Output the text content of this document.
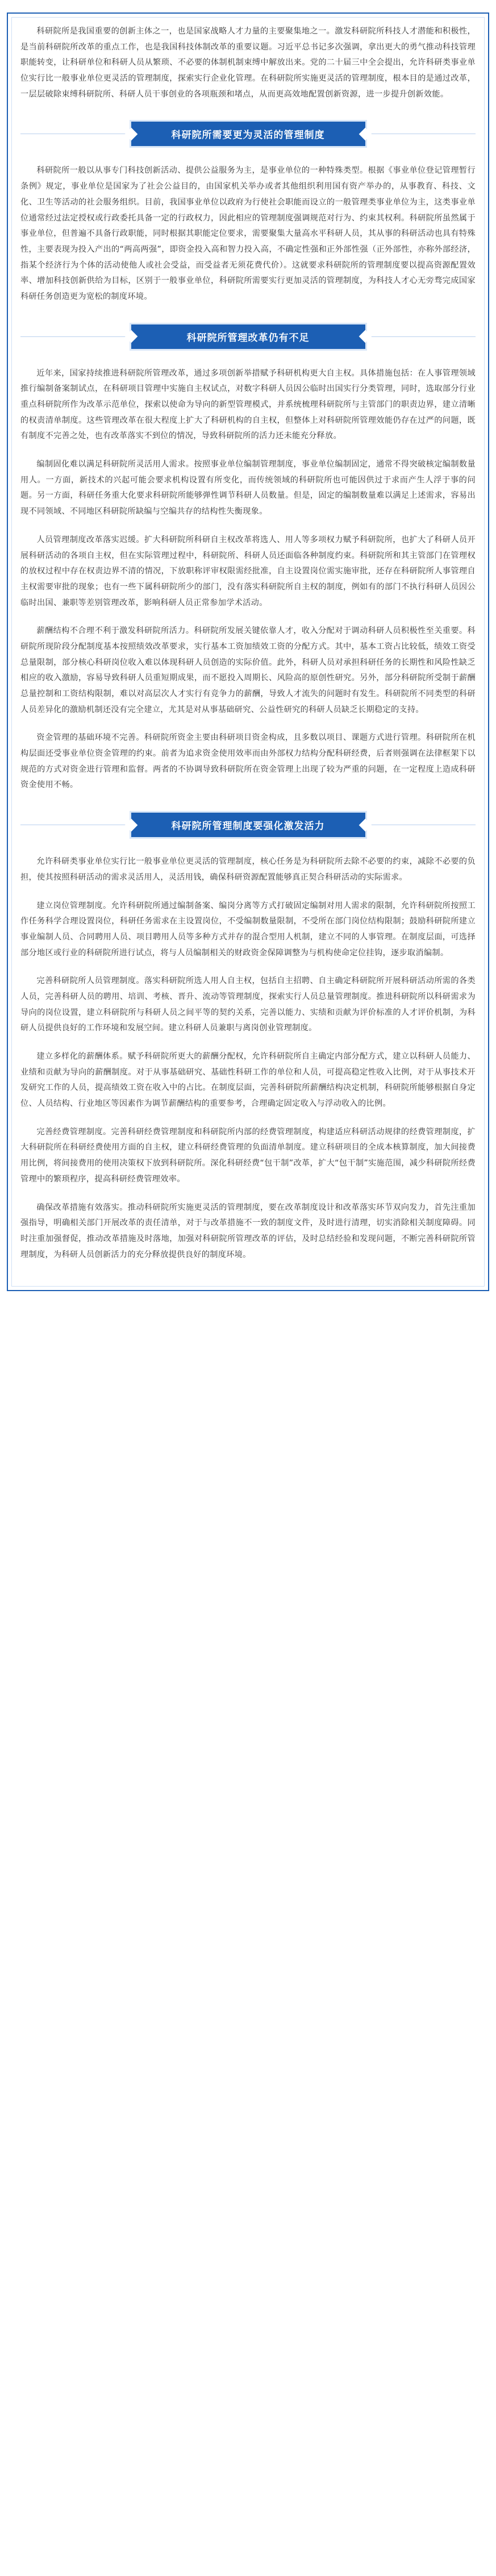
科研院所是我国重要的创新主体之一，也是国家战略人才力量的主要聚集地之一。激发科研院所科技人才潜能和积极性，是当前科研院所改革的重点工作，也是我国科技体制改革的重要议题。习近平总书记多次强调，拿出更大的勇气推动科技管理职能转变，让科研单位和科研人员从繁琐、不必要的体制机制束缚中解放出来。党的二十届三中全会提出，允许科研类事业单位实行比一般事业单位更灵活的管理制度，探索实行企业化管理。在科研院所实施更灵活的管理制度，根本目的是通过改革，一层层破除束缚科研院所、科研人员干事创业的各项瓶颈和堵点，从而更高效地配置创新资源，进一步提升创新效能。

科研院所需要更为灵活的管理制度

科研院所一般以从事专门科技创新活动、提供公益服务为主，是事业单位的一种特殊类型。根据《事业单位登记管理暂行条例》规定，事业单位是国家为了社会公益目的，由国家机关举办或者其他组织利用国有资产举办的，从事教育、科技、文化、卫生等活动的社会服务组织。目前，我国事业单位以政府为行使社会职能而设立的一般管理类事业单位为主，这类事业单位通常经过法定授权或行政委托具备一定的行政权力，因此相应的管理制度强调规范对行为、约束其权利。科研院所虽然属于事业单位，但普遍不具备行政职能，同时根据其职能定位要求，需要聚集大量高水平科研人员，其从事的科研活动也具有特殊性，主要表现为投入产出的“两高两强”，即资金投入高和智力投入高，不确定性强和正外部性强（正外部性，亦称外部经济，指某个经济行为个体的活动使他人或社会受益，而受益者无须花费代价）。这就要求科研院所的管理制度要以提高资源配置效率、增加科技创新供给为目标，区别于一般事业单位，科研院所需要实行更加灵活的管理制度，为科技人才心无旁骛完成国家科研任务创造更为宽松的制度环境。

科研院所管理改革仍有不足

近年来，国家持续推进科研院所管理改革，通过多项创新举措赋予科研机构更大自主权。具体措施包括：在人事管理领域推行编制备案制试点，在科研项目管理中实施自主权试点，对数字科研人员因公临时出国实行分类管理，同时，选取部分行业重点科研院所作为改革示范单位，探索以使命为导向的新型管理模式，并系统梳理科研院所与主管部门的职责边界，建立清晰的权责清单制度。这些管理改革在很大程度上扩大了科研机构的自主权，但整体上对科研院所管理效能仍存在过严的问题，既有制度不完善之处，也有改革落实不到位的情况，导致科研院所的活力还未能充分释放。

编制固化难以满足科研院所灵活用人需求。按照事业单位编制管理制度，事业单位编制固定，通常不得突破核定编制数量用人。一方面，新技术的兴起可能会要求机构设置有所变化，而传统领域的科研院所也可能因供过于求而产生人浮于事的问题。另一方面，科研任务重大化要求科研院所能够弹性调节科研人员数量。但是，固定的编制数量难以满足上述需求，容易出现不同领域、不同地区科研院所缺编与空编共存的结构性失衡现象。

人员管理制度改革落实迟缓。扩大科研院所科研自主权改革将选人、用人等多项权力赋予科研院所，也扩大了科研人员开展科研活动的各项自主权，但在实际管理过程中，科研院所、科研人员还面临各种制度约束。科研院所和其主管部门在管理权的放权过程中存在权责边界不清的情况，下放职称评审权限需经批准，自主设置岗位需实施审批，还存在科研院所人事管理自主权需要审批的现象；也有一些下属科研院所少的部门，没有落实科研院所自主权的制度，例如有的部门不执行科研人员因公临时出国、兼职等差别管理改革，影响科研人员正常参加学术活动。

薪酬结构不合理不利于激发科研院所活力。科研院所发展关键依靠人才，收入分配对于调动科研人员积极性至关重要。科研院所现阶段分配制度基本按照绩效改革要求，实行基本工资加绩效工资的分配方式。其中，基本工资占比较低，绩效工资受总量限制，部分核心科研岗位收入难以体现科研人员创造的实际价值。此外，科研人员对承担科研任务的长期性和风险性缺乏相应的收入激励，容易导致科研人员重短期成果，而不愿投入周期长、风险高的原创性研究。另外，部分科研院所受制于薪酬总量控制和工资结构限制，难以对高层次人才实行有竞争力的薪酬，导致人才流失的问题时有发生。科研院所不同类型的科研人员差异化的激励机制还没有完全建立，尤其是对从事基础研究、公益性研究的科研人员缺乏长期稳定的支持。

资金管理的基础环境不完善。科研院所资金主要由科研项目资金构成，且多数以项目、课题方式进行管理。科研院所在机构层面还受事业单位资金管理的约束。前者为追求资金使用效率而由外部权力结构分配科研经费，后者则强调在法律框架下以规范的方式对资金进行管理和监督。两者的不协调导致科研院所在资金管理上出现了较为严重的问题，在一定程度上造成科研资金使用不畅。

科研院所管理制度要强化激发活力

允许科研类事业单位实行比一般事业单位更灵活的管理制度，核心任务是为科研院所去除不必要的约束，减除不必要的负担，使其按照科研活动的需求灵活用人，灵活用钱，确保科研资源配置能够真正契合科研活动的实际需求。

建立岗位管理制度。允许科研院所通过编制备案、编岗分离等方式打破固定编制对用人需求的限制，允许科研院所按照工作任务科学合理设置岗位，科研任务需求在主设置岗位，不受编制数量限制，不受所在部门岗位结构限制；鼓励科研院所建立事业编制人员、合同聘用人员、项目聘用人员等多种方式并存的混合型用人机制，建立不同的人事管理。在制度层面，可选择部分地区或行业的科研院所进行试点，将与人员编制相关的财政资金保障调整为与机构使命定位挂钩，逐步取消编制。

完善科研院所人员管理制度。落实科研院所选人用人自主权，包括自主招聘、自主确定科研院所开展科研活动所需的各类人员，完善科研人员的聘用、培训、考核、晋升、流动等管理制度，探索实行人员总量管理制度。推进科研院所以科研需求为导向的岗位设置，建立科研院所与科研人员之间平等的契约关系，完善以能力、实绩和贡献为评价标准的人才评价机制，为科研人员提供良好的工作环境和发展空间。建立科研人员兼职与离岗创业管理制度。

建立多样化的薪酬体系。赋予科研院所更大的薪酬分配权，允许科研院所自主确定内部分配方式，建立以科研人员能力、业绩和贡献为导向的薪酬制度。对于从事基础研究、基础性科研工作的单位和人员，可提高稳定性收入比例，对于从事技术开发研究工作的人员，提高绩效工资在收入中的占比。在制度层面，完善科研院所薪酬结构决定机制，科研院所能够根据自身定位、人员结构、行业地区等因素作为调节薪酬结构的重要参考，合理确定固定收入与浮动收入的比例。

完善经费管理制度。完善科研经费管理制度和科研院所内部的经费管理制度，构建适应科研活动规律的经费管理制度，扩大科研院所在科研经费使用方面的自主权，建立科研经费管理的负面清单制度。建立科研项目的全成本核算制度，加大间接费用比例，将间接费用的使用决策权下放到科研院所。深化科研经费“包干制”改革，扩大“包干制”实施范围，减少科研院所经费管理中的繁琐程序，提高科研经费管理效率。

确保改革措施有效落实。推动科研院所实施更灵活的管理制度，要在改革制度设计和改革落实环节双向发力，首先注重加强指导，明确相关部门开展改革的责任清单，对于与改革措施不一致的制度文件，及时进行清理，切实消除相关制度障碍。同时注重加强督促，推动改革措施及时落地，加强对科研院所管理改革的评估，及时总结经验和发现问题，不断完善科研院所管理制度，为科研人员创新活力的充分释放提供良好的制度环境。
